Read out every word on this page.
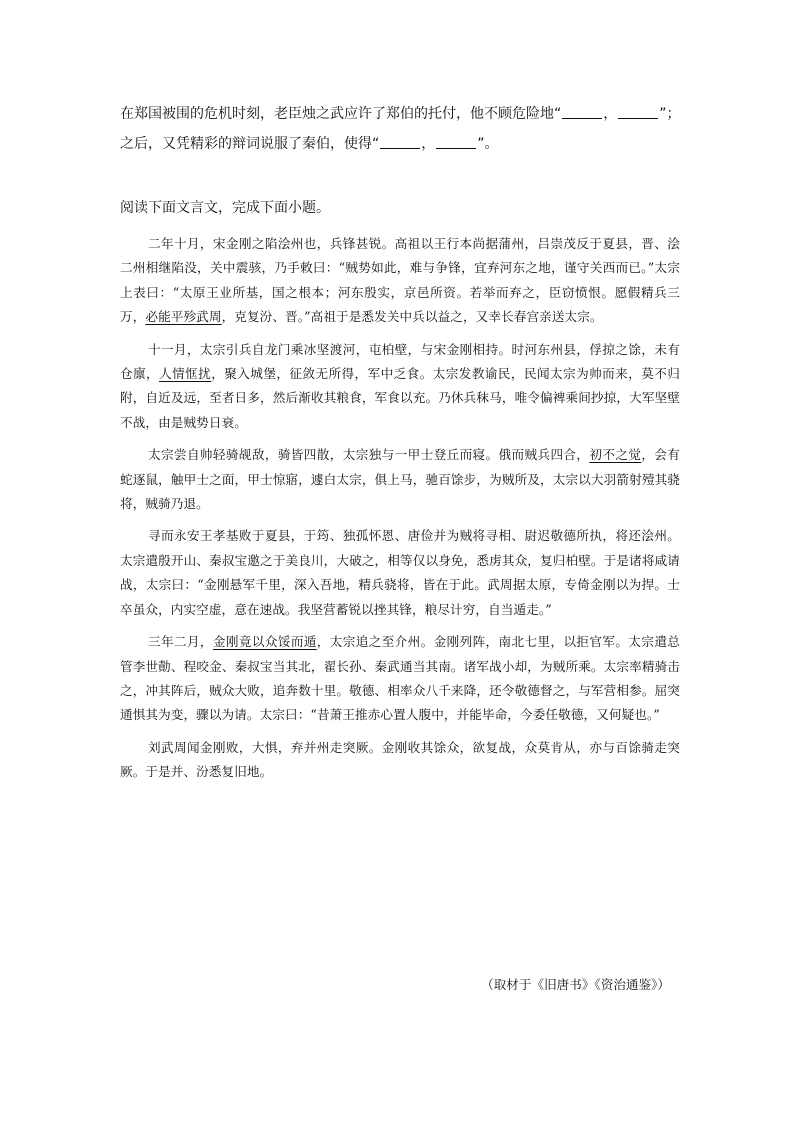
在郑国被围的危机时刻，老臣烛之武应许了郑伯的托付，他不顾危险地“	，	”；
之后，又凭精彩的辩词说服了秦伯，使得“	，	”。
阅读下面文言文，完成下面小题。

二年十月，宋金刚之陷浍州也，兵锋甚锐。高祖以王行本尚据蒲州，吕崇茂反于夏县，晋、浍二州相继陷没，关中震骇，乃手敕曰：“贼势如此，难与争锋，宜弃河东之地，谨守关西而已。”太宗上表曰：“太原王业所基，国之根本；河东殷实，京邑所资。若举而弃之，臣窃愤恨。愿假精兵三万，必能平殄武周，克复汾、晋。”高祖于是悉发关中兵以益之，又幸长春宫亲送太宗。

十一月，太宗引兵自龙门乘冰坚渡河，屯柏壁，与宋金刚相持。时河东州县，俘掠之馀，未有仓廪，人情恇扰，聚入城堡，征敛无所得，军中乏食。太宗发教谕民，民闻太宗为帅而来，莫不归附，自近及远，至者日多，然后渐收其粮食，军食以充。乃休兵秣马，唯令偏裨乘间抄掠，大军坚壁不战，由是贼势日衰。

太宗尝自帅轻骑觇敌，骑皆四散，太宗独与一甲士登丘而寝。俄而贼兵四合，初不之觉，会有蛇逐鼠，触甲士之面，甲士惊寤，遽白太宗，俱上马，驰百馀步，为贼所及，太宗以大羽箭射殪其骁将，贼骑乃退。

寻而永安王孝基败于夏县，于筠、独孤怀恩、唐俭并为贼将寻相、尉迟敬德所执，将还浍州。太宗遣殷开山、秦叔宝邀之于美良川，大破之，相等仅以身免，悉虏其众，复归柏壁。于是诸将咸请战，太宗曰：“金刚悬军千里，深入吾地，精兵骁将，皆在于此。武周据太原，专倚金刚以为捍。士卒虽众，内实空虚，意在速战。我坚营蓄锐以挫其锋，粮尽计穷，自当遁走。”

三年二月，金刚竟以众馁而遁，太宗追之至介州。金刚列阵，南北七里，以拒官军。太宗遣总管李世勣、程咬金、秦叔宝当其北，翟长孙、秦武通当其南。诸军战小却，为贼所乘。太宗率精骑击之，冲其阵后，贼众大败，追奔数十里。敬德、相率众八千来降，还令敬德督之，与军营相参。屈突通惧其为变，骤以为请。太宗曰：“昔萧王推赤心置人腹中，并能毕命，今委任敬德，又何疑也。”

刘武周闻金刚败，大惧，弃并州走突厥。金刚收其馀众，欲复战，众莫肯从，亦与百馀骑走突厥。于是并、汾悉复旧地。

（取材于《旧唐书》《资治通鉴》）
